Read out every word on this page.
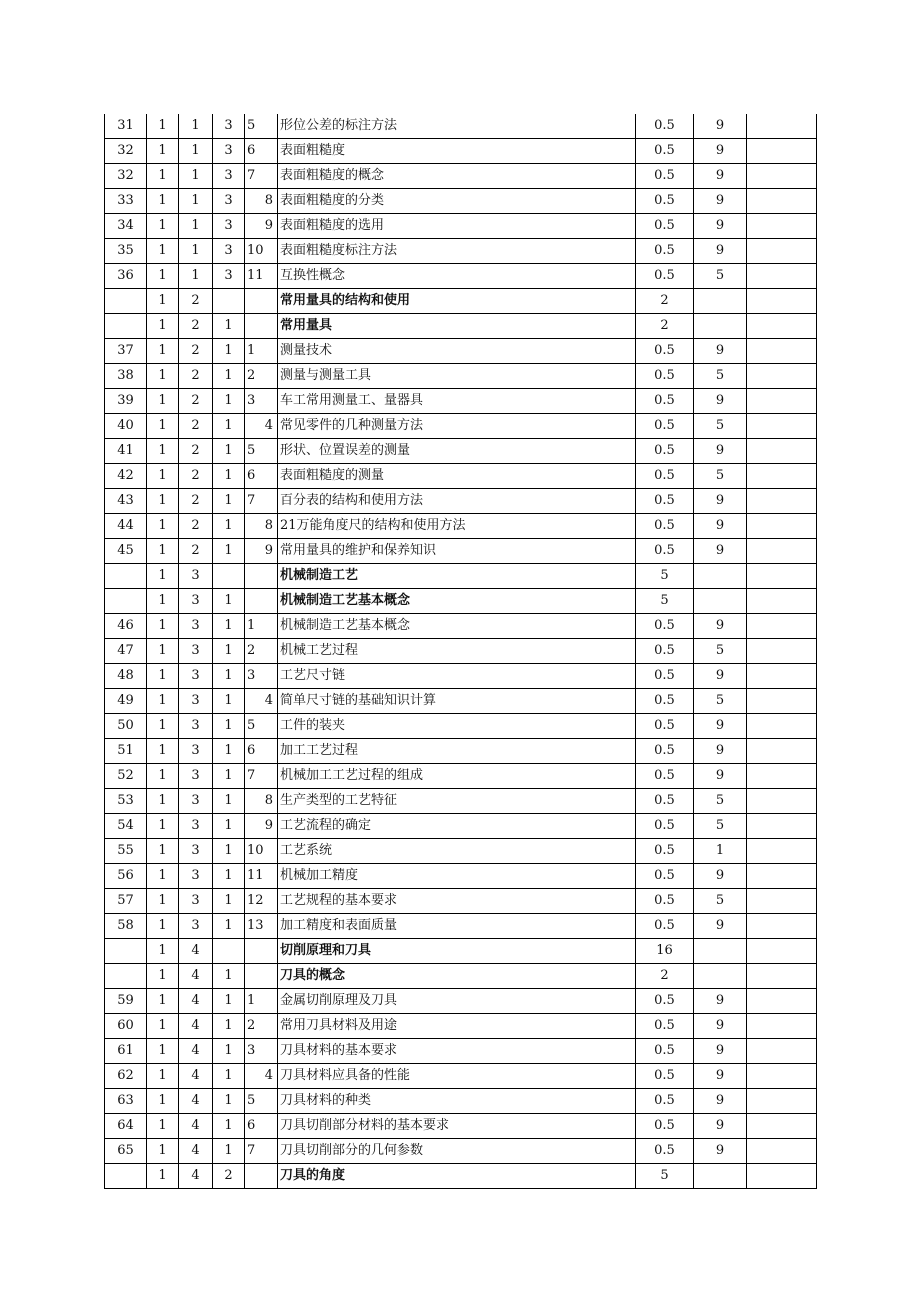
31	1	1	3	5	形位公差的标注方法	0.5	9	
32	1	1	3	6	表面粗糙度	0.5	9	
32	1	1	3	7	表面粗糙度的概念	0.5	9	
33	1	1	3	8	表面粗糙度的分类	0.5	9	
34	1	1	3	9	表面粗糙度的选用	0.5	9	
35	1	1	3	10	表面粗糙度标注方法	0.5	9	
36	1	1	3	11	互换性概念	0.5	5	
	1	2			常用量具的结构和使用	2		
	1	2	1		常用量具	2		
37	1	2	1	1	测量技术	0.5	9	
38	1	2	1	2	测量与测量工具	0.5	5	
39	1	2	1	3	车工常用测量工、量器具	0.5	9	
40	1	2	1	4	常见零件的几种测量方法	0.5	5	
41	1	2	1	5	形状、位置误差的测量	0.5	9	
42	1	2	1	6	表面粗糙度的测量	0.5	5	
43	1	2	1	7	百分表的结构和使用方法	0.5	9	
44	1	2	1	8	21万能角度尺的结构和使用方法	0.5	9	
45	1	2	1	9	常用量具的维护和保养知识	0.5	9	
	1	3			机械制造工艺	5		
	1	3	1		机械制造工艺基本概念	5		
46	1	3	1	1	机械制造工艺基本概念	0.5	9	
47	1	3	1	2	机械工艺过程	0.5	5	
48	1	3	1	3	工艺尺寸链	0.5	9	
49	1	3	1	4	简单尺寸链的基础知识计算	0.5	5	
50	1	3	1	5	工件的装夹	0.5	9	
51	1	3	1	6	加工工艺过程	0.5	9	
52	1	3	1	7	机械加工工艺过程的组成	0.5	9	
53	1	3	1	8	生产类型的工艺特征	0.5	5	
54	1	3	1	9	工艺流程的确定	0.5	5	
55	1	3	1	10	工艺系统	0.5	1	
56	1	3	1	11	机械加工精度	0.5	9	
57	1	3	1	12	工艺规程的基本要求	0.5	5	
58	1	3	1	13	加工精度和表面质量	0.5	9	
	1	4			切削原理和刀具	16		
	1	4	1		刀具的概念	2		
59	1	4	1	1	金属切削原理及刀具	0.5	9	
60	1	4	1	2	常用刀具材料及用途	0.5	9	
61	1	4	1	3	刀具材料的基本要求	0.5	9	
62	1	4	1	4	刀具材料应具备的性能	0.5	9	
63	1	4	1	5	刀具材料的种类	0.5	9	
64	1	4	1	6	刀具切削部分材料的基本要求	0.5	9	
65	1	4	1	7	刀具切削部分的几何参数	0.5	9	
	1	4	2		刀具的角度	5		
